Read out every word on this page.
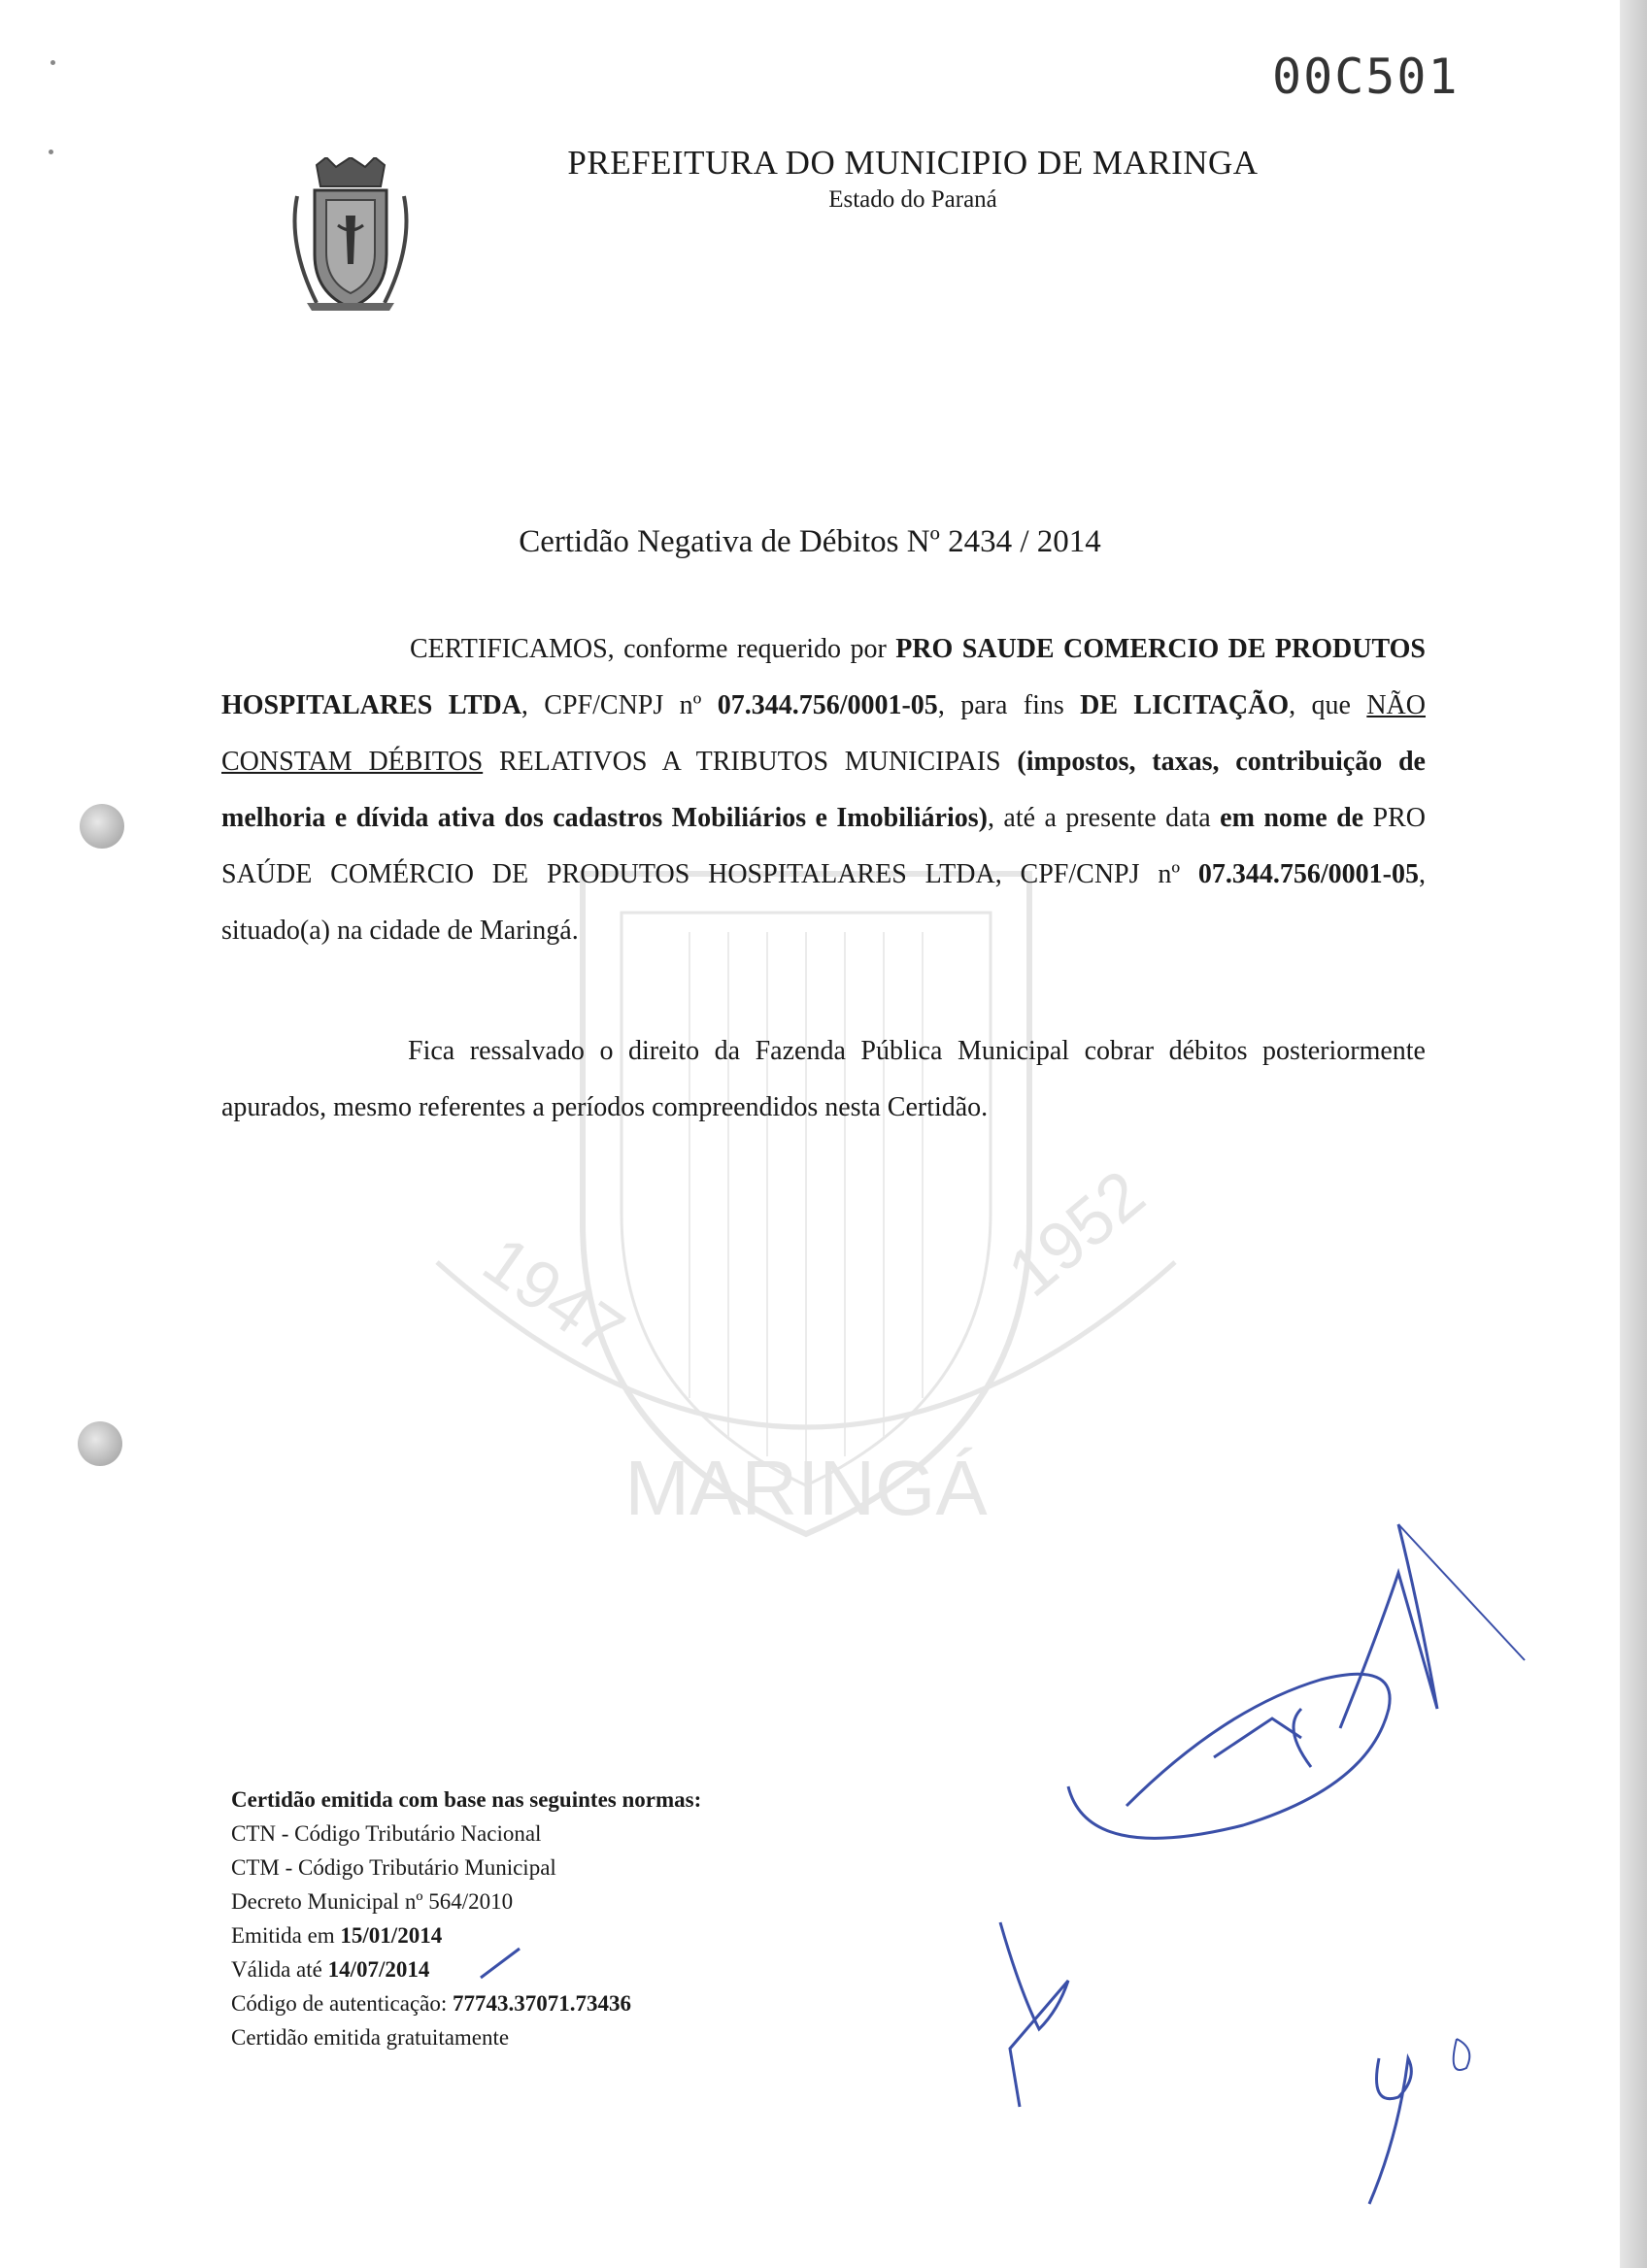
00C501
PREFEITURA DO MUNICIPIO DE MARINGA
Estado do Paraná
1947	1952
MARINGÁ
Certidão Negativa de Débitos Nº 2434 / 2014
CERTIFICAMOS, conforme requerido por PRO SAUDE COMERCIO DE PRODUTOS HOSPITALARES LTDA, CPF/CNPJ nº 07.344.756/0001-05, para fins DE LICITAÇÃO, que NÃO CONSTAM DÉBITOS RELATIVOS A TRIBUTOS MUNICIPAIS (impostos, taxas, contribuição de melhoria e dívida ativa dos cadastros Mobiliários e Imobiliários), até a presente data em nome de PRO SAÚDE COMÉRCIO DE PRODUTOS HOSPITALARES LTDA, CPF/CNPJ nº 07.344.756/0001-05, situado(a) na cidade de Maringá.
Fica ressalvado o direito da Fazenda Pública Municipal cobrar débitos posteriormente apurados, mesmo referentes a períodos compreendidos nesta Certidão.
Certidão emitida com base nas seguintes normas:
CTN - Código Tributário Nacional
CTM - Código Tributário Municipal
Decreto Municipal nº 564/2010
Emitida em 15/01/2014
Válida até 14/07/2014
Código de autenticação: 77743.37071.73436
Certidão emitida gratuitamente
